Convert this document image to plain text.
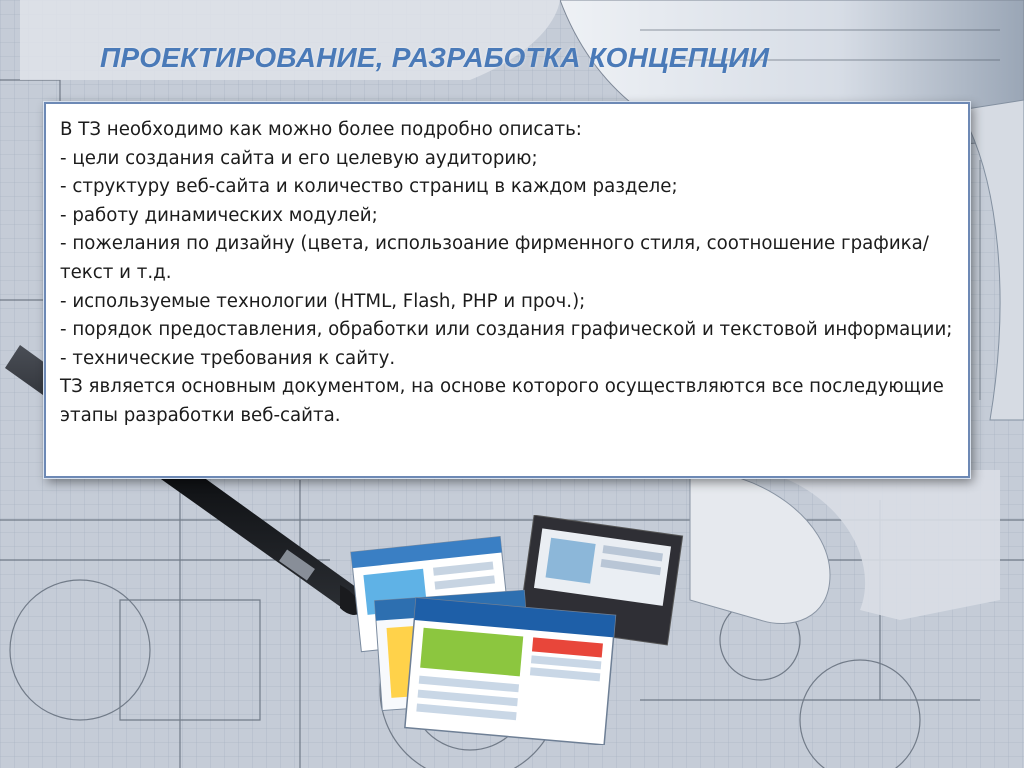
ПРОЕКТИРОВАНИЕ, РАЗРАБОТКА КОНЦЕПЦИИ

В ТЗ необходимо как можно более подробно описать:
- цели создания сайта и его целевую аудиторию;
- структуру веб-сайта и количество страниц в каждом разделе;
- работу динамических модулей;
- пожелания по дизайну (цвета, использоание фирменного стиля, соотношение графика/текст и т.д.
- используемые технологии (HTML, Flash, PHP и проч.);
- порядок предоставления, обработки или создания графической и текстовой информации;
- технические требования к сайту.
ТЗ является основным документом, на основе которого осуществляются все последующие этапы разработки веб-сайта.
